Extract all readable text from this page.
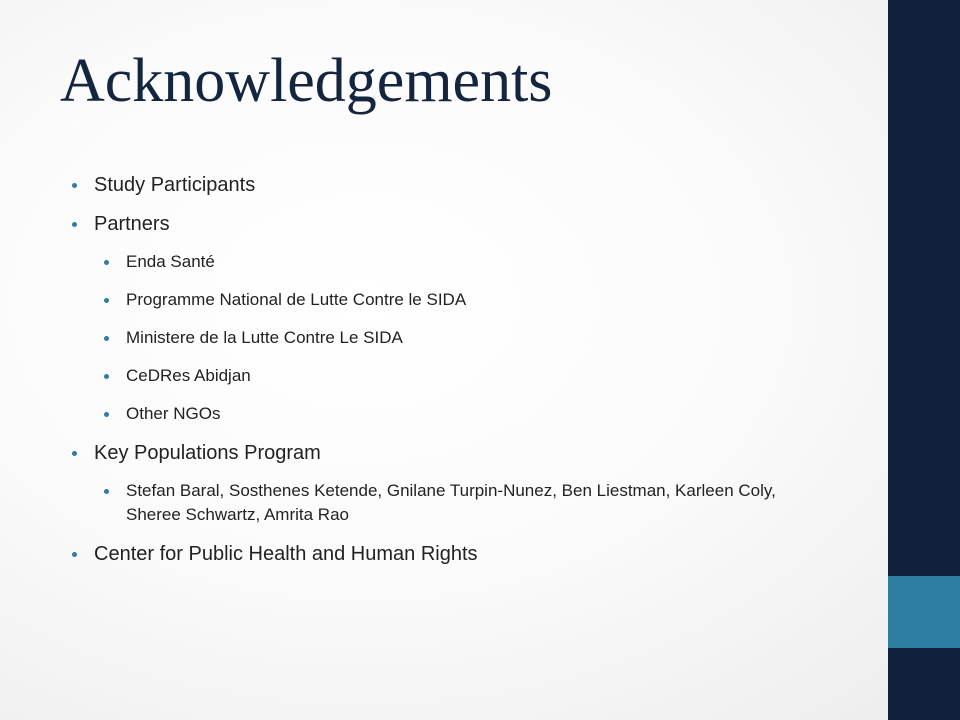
Acknowledgements
Study Participants
Partners
Enda Santé
Programme National de Lutte Contre le SIDA
Ministere de la Lutte Contre Le SIDA
CeDRes Abidjan
Other NGOs
Key Populations Program
Stefan Baral, Sosthenes Ketende, Gnilane Turpin-Nunez, Ben Liestman, Karleen Coly, Sheree Schwartz, Amrita Rao
Center for Public Health and Human Rights
